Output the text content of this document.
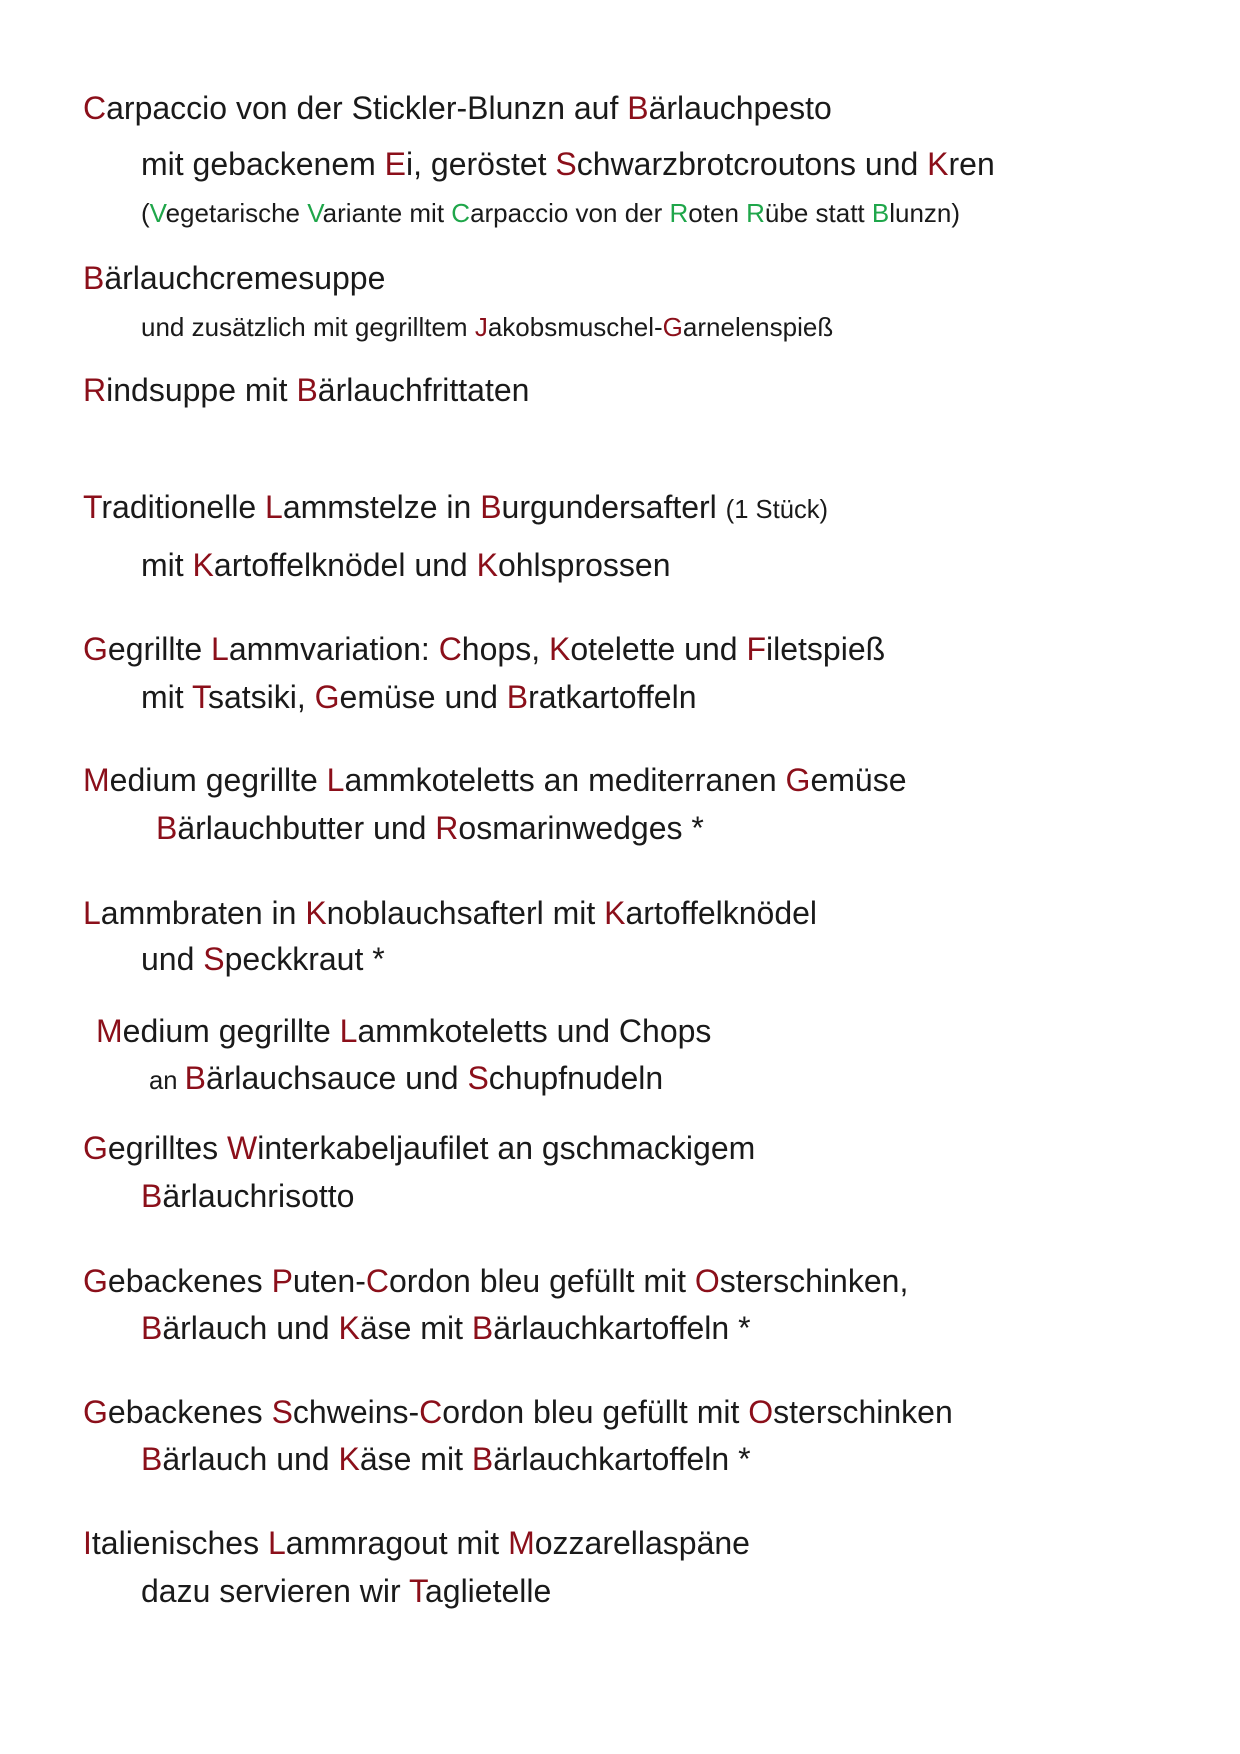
Carpaccio von der Stickler-Blunzn auf Bärlauchpesto
mit gebackenem Ei, geröstet Schwarzbrotcroutons und Kren
(Vegetarische Variante mit Carpaccio von der Roten Rübe statt Blunzn)
Bärlauchcremesuppe
und zusätzlich mit gegrilltem Jakobsmuschel-Garnelenspieß
Rindsuppe mit Bärlauchfrittaten
Traditionelle Lammstelze in Burgundersafterl (1 Stück)
mit Kartoffelknödel und Kohlsprossen
Gegrillte Lammvariation: Chops, Kotelette und Filetspieß
mit Tsatsiki, Gemüse und Bratkartoffeln
Medium gegrillte Lammkoteletts an mediterranen Gemüse
Bärlauchbutter und Rosmarinwedges *
Lammbraten in Knoblauchsafterl mit Kartoffelknödel
und Speckkraut *
Medium gegrillte Lammkoteletts und Chops
an Bärlauchsauce und Schupfnudeln
Gegrilltes Winterkabeljaufilet an gschmackigem
Bärlauchrisotto
Gebackenes Puten-Cordon bleu gefüllt mit Osterschinken,
Bärlauch und Käse mit Bärlauchkartoffeln *
Gebackenes Schweins-Cordon bleu gefüllt mit Osterschinken
Bärlauch und Käse mit Bärlauchkartoffeln *
Italienisches Lammragout mit Mozzarellaspäne
dazu servieren wir Taglietelle
